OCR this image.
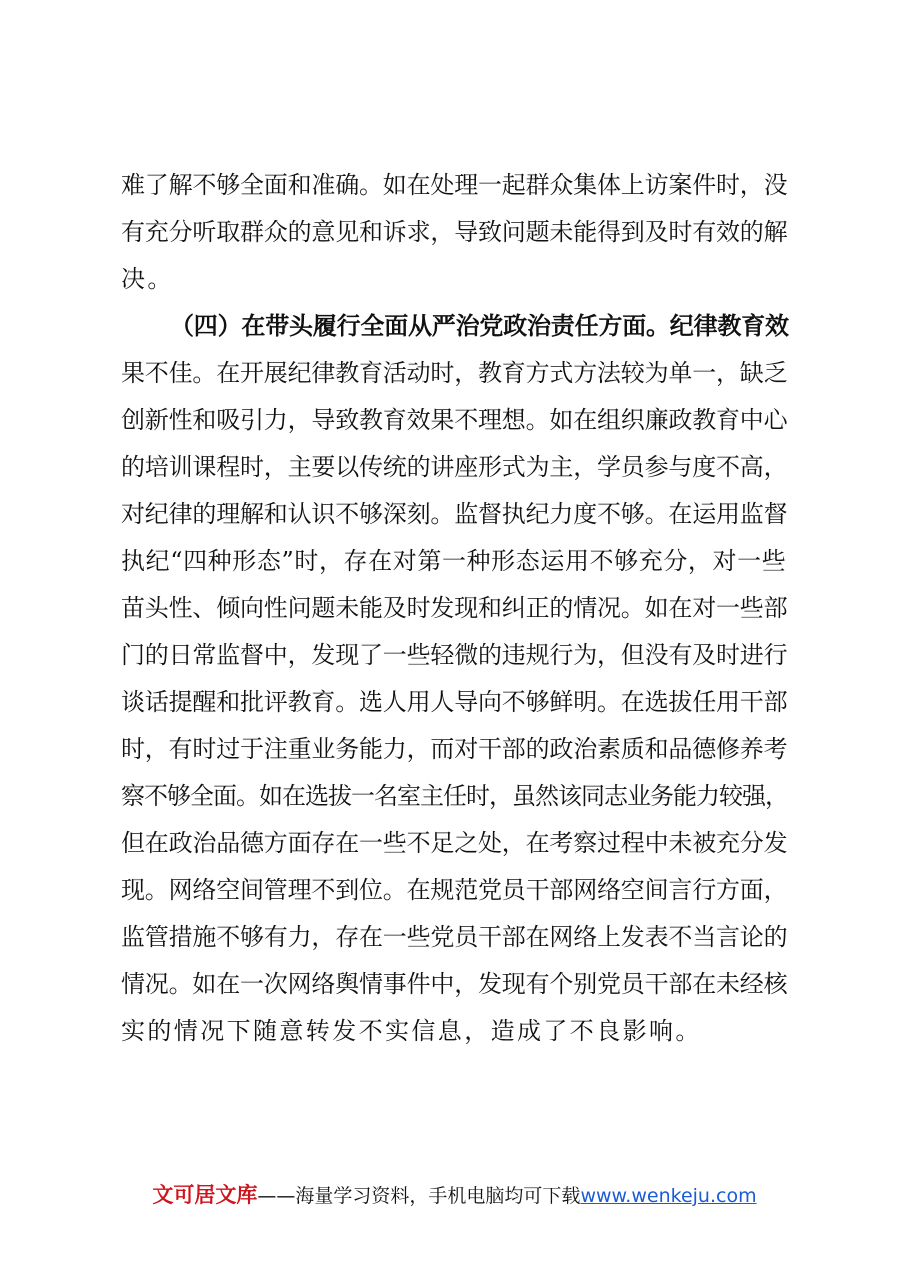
难了解不够全面和准确。如在处理一起群众集体上访案件时，没
有充分听取群众的意见和诉求，导致问题未能得到及时有效的解
决。
（四）在带头履行全面从严治党政治责任方面。纪律教育效
果不佳。在开展纪律教育活动时，教育方式方法较为单一，缺乏
创新性和吸引力，导致教育效果不理想。如在组织廉政教育中心
的培训课程时，主要以传统的讲座形式为主，学员参与度不高，
对纪律的理解和认识不够深刻。监督执纪力度不够。在运用监督
执纪“四种形态”时，存在对第一种形态运用不够充分，对一些
苗头性、倾向性问题未能及时发现和纠正的情况。如在对一些部
门的日常监督中，发现了一些轻微的违规行为，但没有及时进行
谈话提醒和批评教育。选人用人导向不够鲜明。在选拔任用干部
时，有时过于注重业务能力，而对干部的政治素质和品德修养考
察不够全面。如在选拔一名室主任时，虽然该同志业务能力较强，
但在政治品德方面存在一些不足之处，在考察过程中未被充分发
现。网络空间管理不到位。在规范党员干部网络空间言行方面，
监管措施不够有力，存在一些党员干部在网络上发表不当言论的
情况。如在一次网络舆情事件中，发现有个别党员干部在未经核
实的情况下随意转发不实信息，造成了不良影响。
文可居文库——海量学习资料，手机电脑均可下载www.wenkeju.com
